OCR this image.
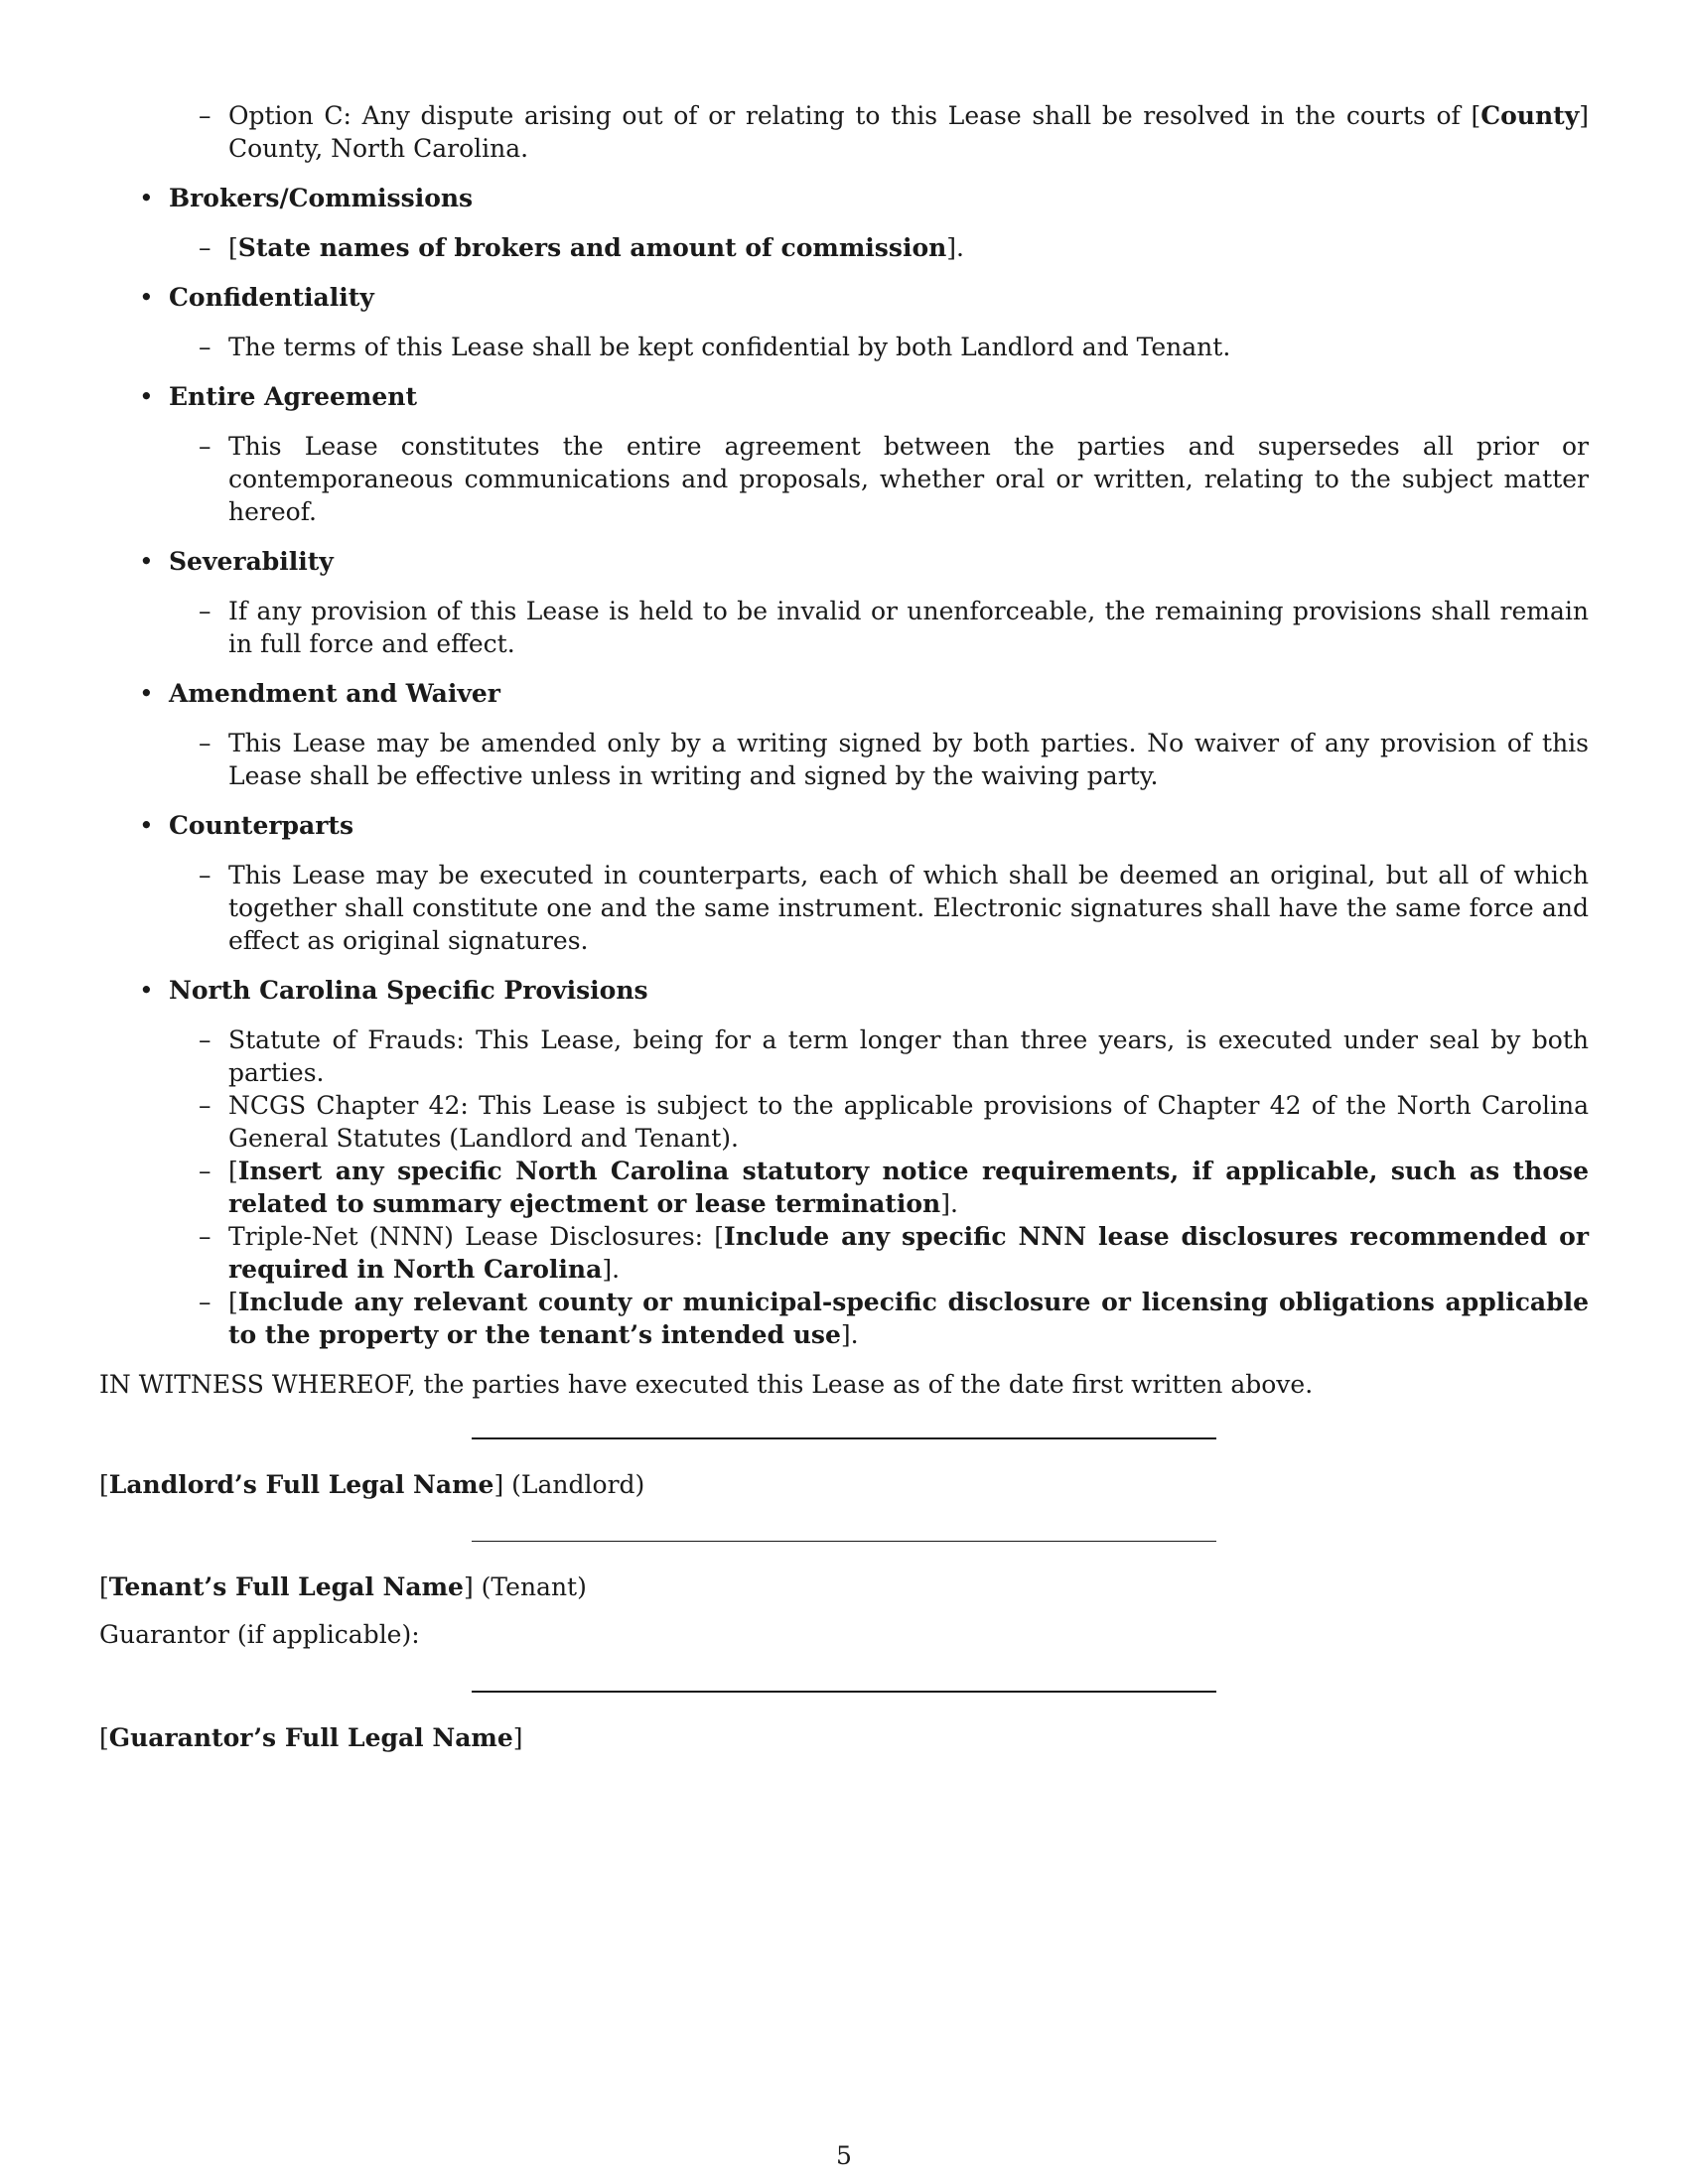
– Option C: Any dispute arising out of or relating to this Lease shall be resolved in the courts of [County] County, North Carolina.
• Brokers/Commissions
– [State names of brokers and amount of commission].
• Confidentiality
– The terms of this Lease shall be kept confidential by both Landlord and Tenant.
• Entire Agreement
– This Lease constitutes the entire agreement between the parties and supersedes all prior or contemporaneous communications and proposals, whether oral or written, relating to the subject matter hereof.
• Severability
– If any provision of this Lease is held to be invalid or unenforceable, the remaining provisions shall remain in full force and effect.
• Amendment and Waiver
– This Lease may be amended only by a writing signed by both parties. No waiver of any provision of this Lease shall be effective unless in writing and signed by the waiving party.
• Counterparts
– This Lease may be executed in counterparts, each of which shall be deemed an original, but all of which together shall constitute one and the same instrument. Electronic signatures shall have the same force and effect as original signatures.
• North Carolina Specific Provisions
– Statute of Frauds: This Lease, being for a term longer than three years, is executed under seal by both parties.
– NCGS Chapter 42: This Lease is subject to the applicable provisions of Chapter 42 of the North Carolina General Statutes (Landlord and Tenant).
– [Insert any specific North Carolina statutory notice requirements, if applicable, such as those related to summary ejectment or lease termination].
– Triple-Net (NNN) Lease Disclosures: [Include any specific NNN lease disclosures recommended or required in North Carolina].
– [Include any relevant county or municipal-specific disclosure or licensing obligations applicable to the property or the tenant’s intended use].
IN WITNESS WHEREOF, the parties have executed this Lease as of the date first written above.
[Landlord’s Full Legal Name] (Landlord)
[Tenant’s Full Legal Name] (Tenant)
Guarantor (if applicable):
[Guarantor’s Full Legal Name]
5
